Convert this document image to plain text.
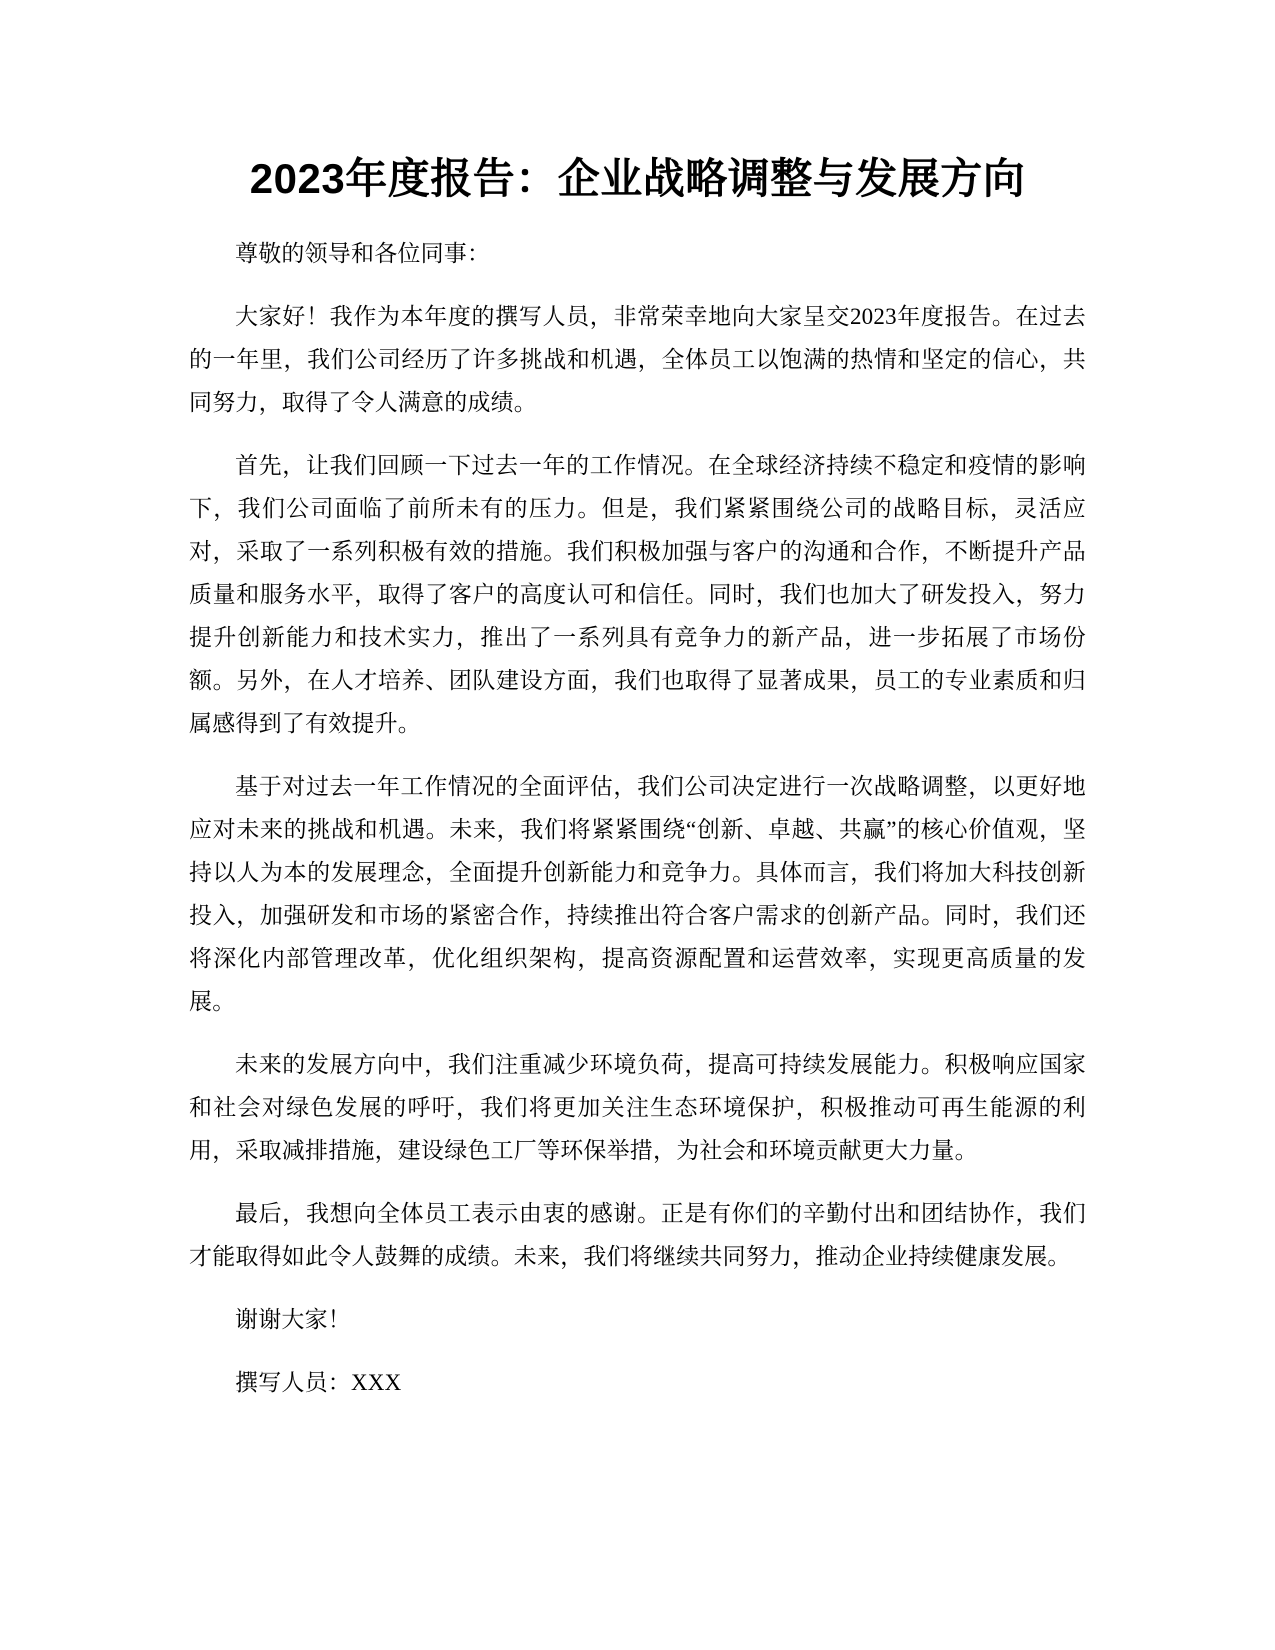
2023年度报告：企业战略调整与发展方向

尊敬的领导和各位同事：

大家好！我作为本年度的撰写人员，非常荣幸地向大家呈交2023年度报告。在过去的一年里，我们公司经历了许多挑战和机遇，全体员工以饱满的热情和坚定的信心，共同努力，取得了令人满意的成绩。

首先，让我们回顾一下过去一年的工作情况。在全球经济持续不稳定和疫情的影响下，我们公司面临了前所未有的压力。但是，我们紧紧围绕公司的战略目标，灵活应对，采取了一系列积极有效的措施。我们积极加强与客户的沟通和合作，不断提升产品质量和服务水平，取得了客户的高度认可和信任。同时，我们也加大了研发投入，努力提升创新能力和技术实力，推出了一系列具有竞争力的新产品，进一步拓展了市场份额。另外，在人才培养、团队建设方面，我们也取得了显著成果，员工的专业素质和归属感得到了有效提升。

基于对过去一年工作情况的全面评估，我们公司决定进行一次战略调整，以更好地应对未来的挑战和机遇。未来，我们将紧紧围绕“创新、卓越、共赢”的核心价值观，坚持以人为本的发展理念，全面提升创新能力和竞争力。具体而言，我们将加大科技创新投入，加强研发和市场的紧密合作，持续推出符合客户需求的创新产品。同时，我们还将深化内部管理改革，优化组织架构，提高资源配置和运营效率，实现更高质量的发展。

未来的发展方向中，我们注重减少环境负荷，提高可持续发展能力。积极响应国家和社会对绿色发展的呼吁，我们将更加关注生态环境保护，积极推动可再生能源的利用，采取减排措施，建设绿色工厂等环保举措，为社会和环境贡献更大力量。

最后，我想向全体员工表示由衷的感谢。正是有你们的辛勤付出和团结协作，我们才能取得如此令人鼓舞的成绩。未来，我们将继续共同努力，推动企业持续健康发展。

谢谢大家！

撰写人员：XXX
